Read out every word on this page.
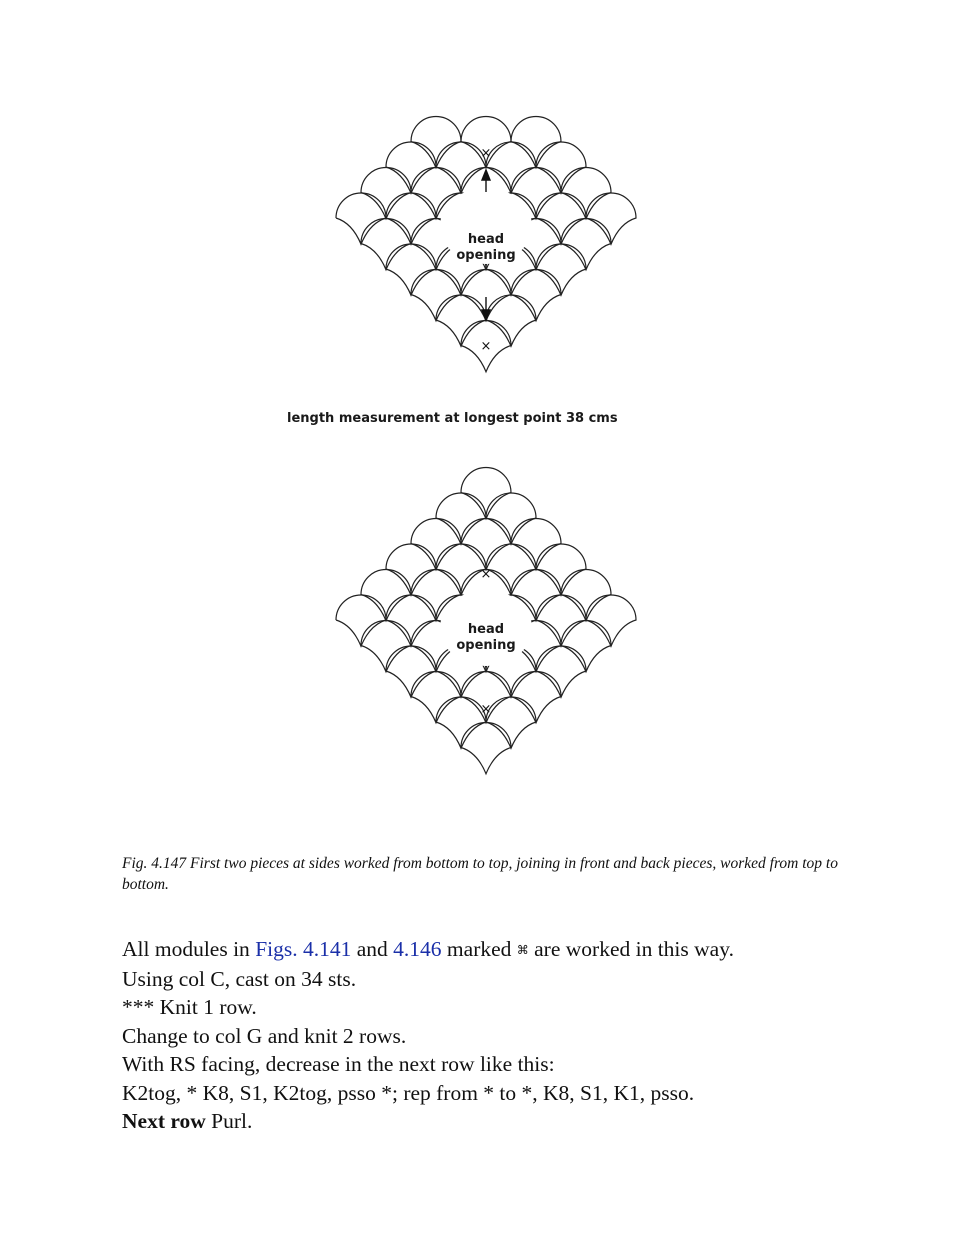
head
opening
×
×
head
opening
×
×
length measurement at longest point 38 cms
Fig. 4.147 First two pieces at sides worked from bottom to top, joining in front and back pieces, worked from top to bottom.

All modules in Figs. 4.141 and 4.146 marked ⌘ are worked in this way.

Using col C, cast on 34 sts.

*** Knit 1 row.

Change to col G and knit 2 rows.

With RS facing, decrease in the next row like this:

K2tog, * K8, S1, K2tog, psso *; rep from * to *, K8, S1, K1, psso.

Next row Purl.
